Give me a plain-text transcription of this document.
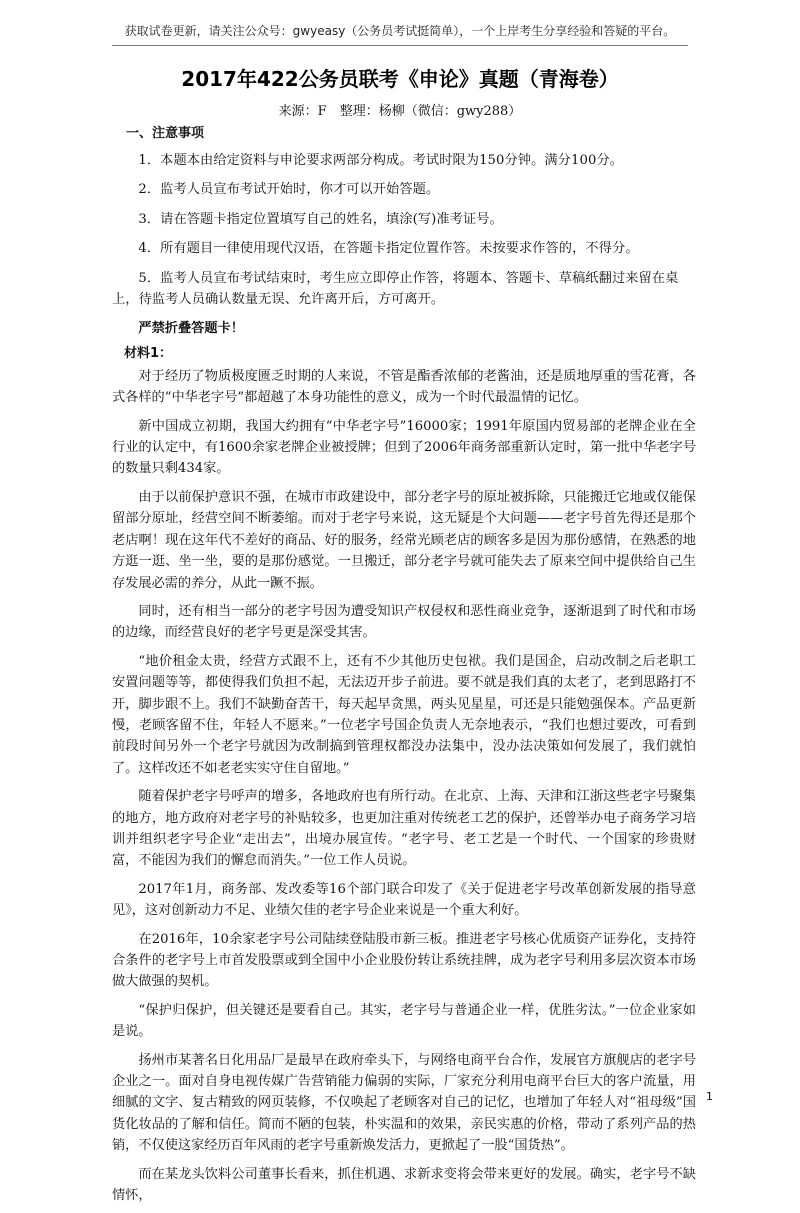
获取试卷更新，请关注公众号：gwyeasy（公务员考试挺简单），一个上岸考生分享经验和答疑的平台。
2017年422公务员联考《申论》真题（青海卷）
来源：F　整理：杨柳（微信：gwy288）
一、注意事项

1．本题本由给定资料与申论要求两部分构成。考试时限为150分钟。满分100分。

2．监考人员宣布考试开始时，你才可以开始答题。

3．请在答题卡指定位置填写自己的姓名，填涂(写)准考证号。

4．所有题目一律使用现代汉语，在答题卡指定位置作答。未按要求作答的，不得分。

5．监考人员宣布考试结束时，考生应立即停止作答，将题本、答题卡、草稿纸翻过来留在桌上，待监考人员确认数量无误、允许离开后，方可离开。

严禁折叠答题卡！

材料1：

对于经历了物质极度匮乏时期的人来说，不管是酯香浓郁的老酱油，还是质地厚重的雪花膏，各式各样的“中华老字号”都超越了本身功能性的意义，成为一个时代最温情的记忆。

新中国成立初期，我国大约拥有“中华老字号”16000家；1991年原国内贸易部的老牌企业在全行业的认定中，有1600余家老牌企业被授牌；但到了2006年商务部重新认定时，第一批中华老字号的数量只剩434家。

由于以前保护意识不强，在城市市政建设中，部分老字号的原址被拆除，只能搬迁它地或仅能保留部分原址，经营空间不断萎缩。而对于老字号来说，这无疑是个大问题——老字号首先得还是那个老店啊！现在这年代不差好的商品、好的服务，经常光顾老店的顾客多是因为那份感情，在熟悉的地方逛一逛、坐一坐，要的是那份感觉。一旦搬迁，部分老字号就可能失去了原来空间中提供给自己生存发展必需的养分，从此一蹶不振。

同时，还有相当一部分的老字号因为遭受知识产权侵权和恶性商业竞争，逐渐退到了时代和市场的边缘，而经营良好的老字号更是深受其害。

“地价租金太贵，经营方式跟不上，还有不少其他历史包袱。我们是国企，启动改制之后老职工安置问题等等，都使得我们负担不起，无法迈开步子前进。要不就是我们真的太老了，老到思路打不开，脚步跟不上。我们不缺勤奋苦干，每天起早贪黑，两头见星星，可还是只能勉强保本。产品更新慢，老顾客留不住，年轻人不愿来。”一位老字号国企负责人无奈地表示，“我们也想过要改，可看到前段时间另外一个老字号就因为改制搞到管理权都没办法集中，没办法决策如何发展了，我们就怕了。这样改还不如老老实实守住自留地。”

随着保护老字号呼声的增多，各地政府也有所行动。在北京、上海、天津和江浙这些老字号聚集的地方，地方政府对老字号的补贴较多，也更加注重对传统老工艺的保护，还曾举办电子商务学习培训并组织老字号企业“走出去”，出境办展宣传。“老字号、老工艺是一个时代、一个国家的珍贵财富，不能因为我们的懈怠而消失。”一位工作人员说。

2017年1月，商务部、发改委等16个部门联合印发了《关于促进老字号改革创新发展的指导意见》，这对创新动力不足、业绩欠佳的老字号企业来说是一个重大利好。

在2016年，10余家老字号公司陆续登陆股市新三板。推进老字号核心优质资产证券化，支持符合条件的老字号上市首发股票或到全国中小企业股份转让系统挂牌，成为老字号利用多层次资本市场做大做强的契机。

“保护归保护，但关键还是要看自己。其实，老字号与普通企业一样，优胜劣汰。”一位企业家如是说。

扬州市某著名日化用品厂是最早在政府牵头下，与网络电商平台合作，发展官方旗舰店的老字号企业之一。面对自身电视传媒广告营销能力偏弱的实际，厂家充分利用电商平台巨大的客户流量，用细腻的文字、复古精致的网页装修，不仅唤起了老顾客对自己的记忆，也增加了年轻人对“祖母级”国货化妆品的了解和信任。简而不陋的包装，朴实温和的效果，亲民实惠的价格，带动了系列产品的热销，不仅使这家经历百年风雨的老字号重新焕发活力，更掀起了一股“国货热”。

而在某龙头饮料公司董事长看来，抓住机遇、求新求变将会带来更好的发展。确实，老字号不缺情怀，

1
